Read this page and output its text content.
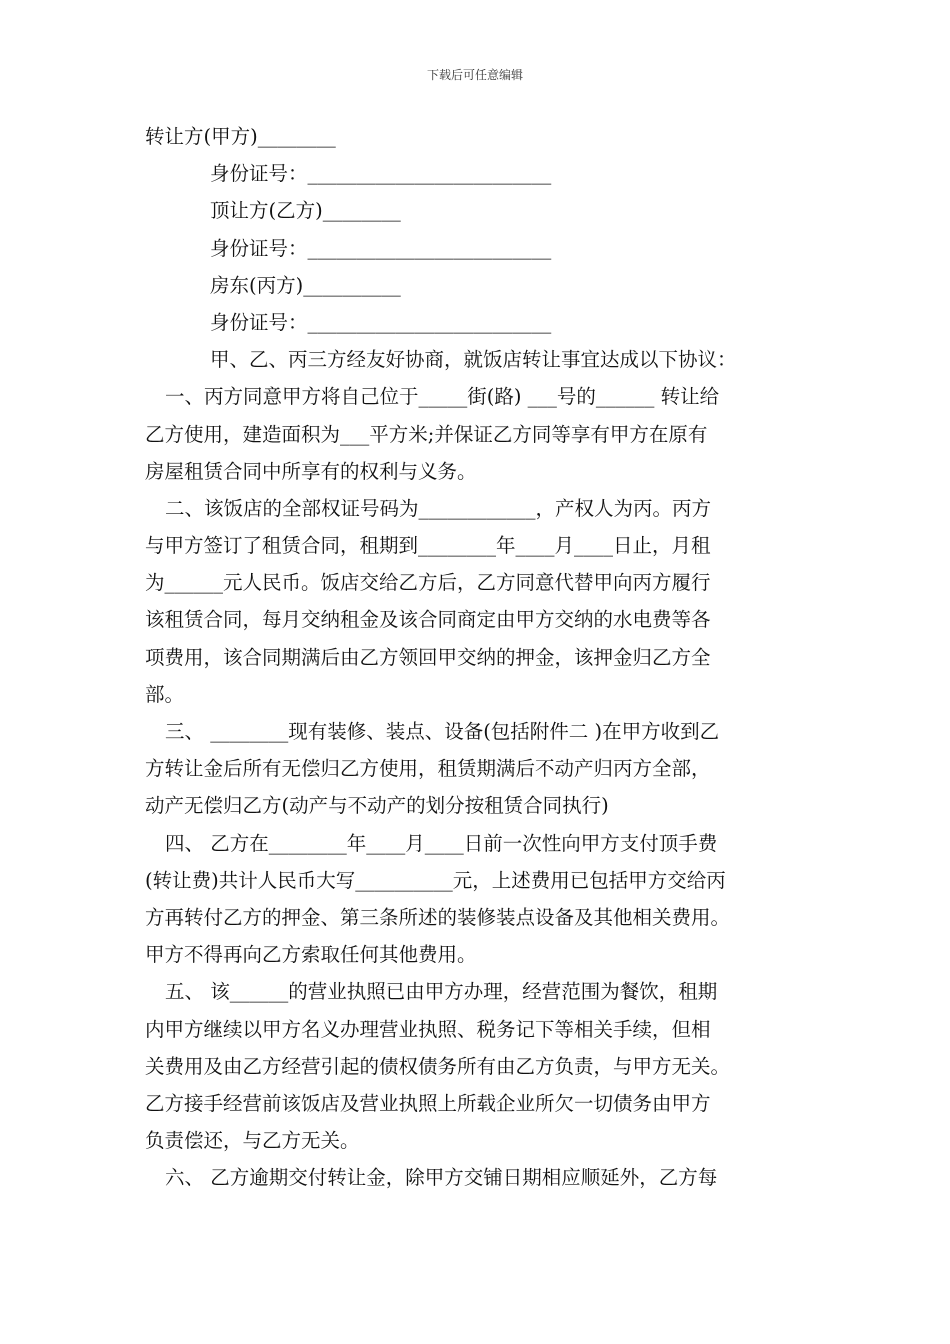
下载后可任意编辑
转让方(甲方)________
身份证号：_________________________
顶让方(乙方)________
身份证号：_________________________
房东(丙方)__________
身份证号：_________________________
甲、乙、丙三方经友好协商，就饭店转让事宜达成以下协议：
一、丙方同意甲方将自己位于_____街(路) ___号的______ 转让给
乙方使用，建造面积为___平方米;并保证乙方同等享有甲方在原有
房屋租赁合同中所享有的权利与义务。
二、该饭店的全部权证号码为____________，产权人为丙。丙方
与甲方签订了租赁合同，租期到________年____月____日止，月租
为______元人民币。饭店交给乙方后，乙方同意代替甲向丙方履行
该租赁合同，每月交纳租金及该合同商定由甲方交纳的水电费等各
项费用，该合同期满后由乙方领回甲交纳的押金，该押金归乙方全
部。
三、 ________现有装修、装点、设备(包括附件二 )在甲方收到乙
方转让金后所有无偿归乙方使用，租赁期满后不动产归丙方全部，
动产无偿归乙方(动产与不动产的划分按租赁合同执行)
四、 乙方在________年____月____日前一次性向甲方支付顶手费
(转让费)共计人民币大写__________元，上述费用已包括甲方交给丙
方再转付乙方的押金、第三条所述的装修装点设备及其他相关费用。
甲方不得再向乙方索取任何其他费用。
五、 该______的营业执照已由甲方办理，经营范围为餐饮，租期
内甲方继续以甲方名义办理营业执照、税务记下等相关手续，但相
关费用及由乙方经营引起的债权债务所有由乙方负责，与甲方无关。
乙方接手经营前该饭店及营业执照上所载企业所欠一切债务由甲方
负责偿还，与乙方无关。
六、 乙方逾期交付转让金，除甲方交铺日期相应顺延外，乙方每
